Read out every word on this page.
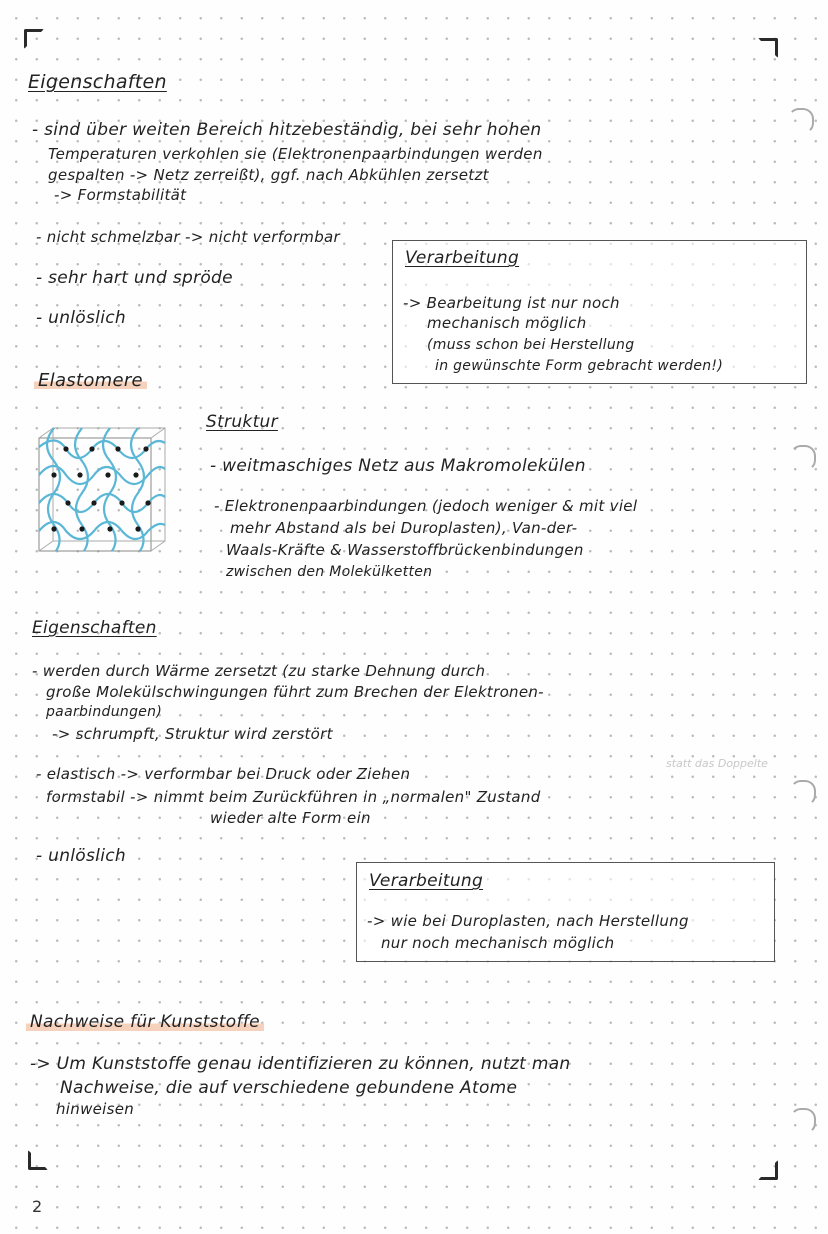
Eigenschaften
- sind über weiten Bereich hitzebeständig, bei sehr hohen
Temperaturen verkohlen sie (Elektronenpaarbindungen werden
gespalten -> Netz zerreißt), ggf. nach Abkühlen zersetzt
-> Formstabilität
- nicht schmelzbar -> nicht verformbar
- sehr hart und spröde
- unlöslich
Verarbeitung
-> Bearbeitung ist nur noch
mechanisch möglich
(muss schon bei Herstellung
in gewünschte Form gebracht werden!)
Elastomere
Struktur
- weitmaschiges Netz aus Makromolekülen
- Elektronenpaarbindungen (jedoch weniger & mit viel
mehr Abstand als bei Duroplasten), Van-der-
Waals-Kräfte & Wasserstoffbrückenbindungen
zwischen den Molekülketten
Eigenschaften
- werden durch Wärme zersetzt (zu starke Dehnung durch
große Molekülschwingungen führt zum Brechen der Elektronen-
paarbindungen)
-> schrumpft, Struktur wird zerstört
- elastisch -> verformbar bei Druck oder Ziehen
statt das Doppelte
formstabil -> nimmt beim Zurückführen in „normalen" Zustand
wieder alte Form ein
- unlöslich
Verarbeitung
-> wie bei Duroplasten, nach Herstellung
nur noch mechanisch möglich
Nachweise für Kunststoffe
-> Um Kunststoffe genau identifizieren zu können, nutzt man
Nachweise, die auf verschiedene gebundene Atome
hinweisen
2
